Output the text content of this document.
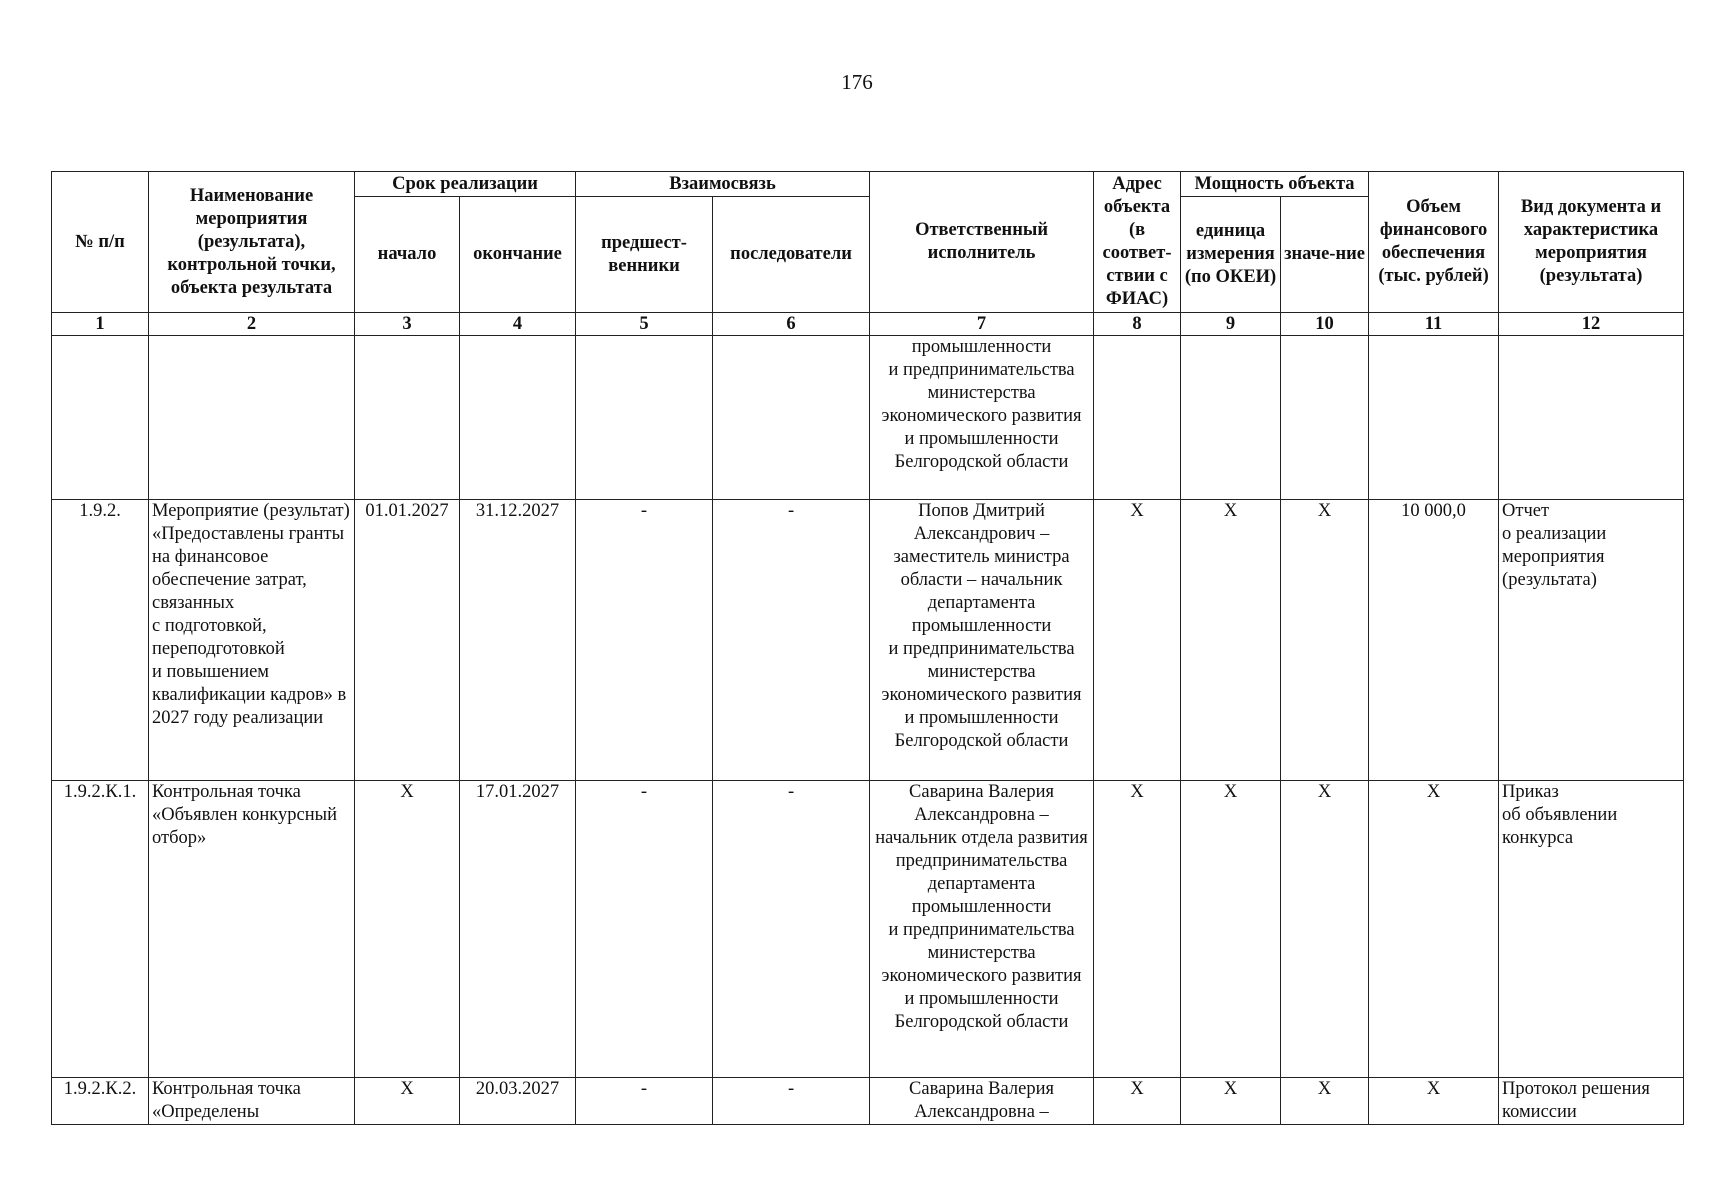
176
№ п/п	Наименование мероприятия (результата), контрольной точки, объекта результата	Срок реализации		Взаимосвязь		Ответственный исполнитель	Адрес объекта (в соответ-ствии с ФИАС)	Мощность объекта		Объем финансового обеспечения (тыс. рублей)	Вид документа и характеристика мероприятия (результата)
		начало	окончание	предшест-венники	последователи			единица измерения (по ОКЕИ)	значе-ние		
1	2	3	4	5	6	7	8	9	10	11	12
						промышленности
и предпринимательства министерства экономического развития
и промышленности Белгородской области					
1.9.2.	Мероприятие (результат) «Предоставлены гранты на финансовое обеспечение затрат, связанных
с подготовкой, переподготовкой
и повышением квалификации кадров» в 2027 году реализации	01.01.2027	31.12.2027	-	-	Попов Дмитрий Александрович – заместитель министра области – начальник департамента промышленности
и предпринимательства министерства экономического развития
и промышленности Белгородской области	X	X	X	10 000,0	Отчет
о реализации мероприятия (результата)
1.9.2.К.1.	Контрольная точка «Объявлен конкурсный отбор»	X	17.01.2027	-	-	Саварина Валерия Александровна – начальник отдела развития предпринимательства департамента промышленности
и предпринимательства министерства экономического развития
и промышленности Белгородской области	X	X	X	X	Приказ
об объявлении конкурса
1.9.2.К.2.	Контрольная точка «Определены	X	20.03.2027	-	-	Саварина Валерия Александровна –	X	X	X	X	Протокол решения комиссии
